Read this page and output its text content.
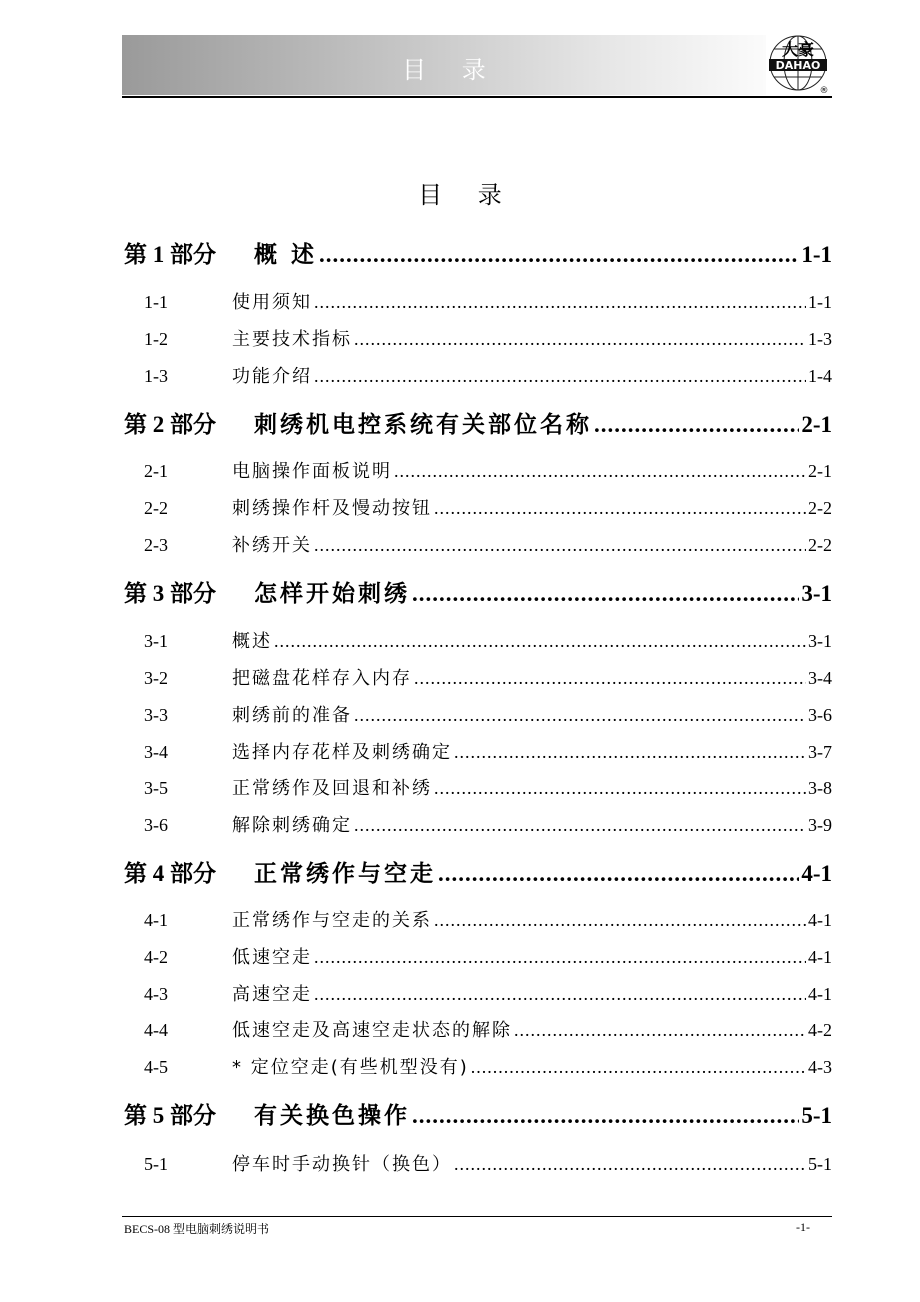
目 录	DAHAO
大豪
®
目 录
第 1 部分	概 述 .....	1-1
1-1	使用须知 .....	1-1
1-2	主要技术指标 .....	1-3
1-3	功能介绍 .....	1-4
第 2 部分	刺绣机电控系统有关部位名称 .....	2-1
2-1	电脑操作面板说明 .....	2-1
2-2	刺绣操作杆及慢动按钮 .....	2-2
2-3	补绣开关 .....	2-2
第 3 部分	怎样开始刺绣 .....	3-1
3-1	概述 .....	3-1
3-2	把磁盘花样存入内存 .....	3-4
3-3	刺绣前的准备 .....	3-6
3-4	选择内存花样及刺绣确定 .....	3-7
3-5	正常绣作及回退和补绣 .....	3-8
3-6	解除刺绣确定 .....	3-9
第 4 部分	正常绣作与空走 .....	4-1
4-1	正常绣作与空走的关系 .....	4-1
4-2	低速空走 .....	4-1
4-3	高速空走 .....	4-1
4-4	低速空走及高速空走状态的解除 .....	4-2
4-5	* 定位空走(有些机型没有) .....	4-3
第 5 部分	有关换色操作 .....	5-1
5-1	停车时手动换针（换色） .....	5-1
BECS-08 型电脑刺绣说明书	-1-
